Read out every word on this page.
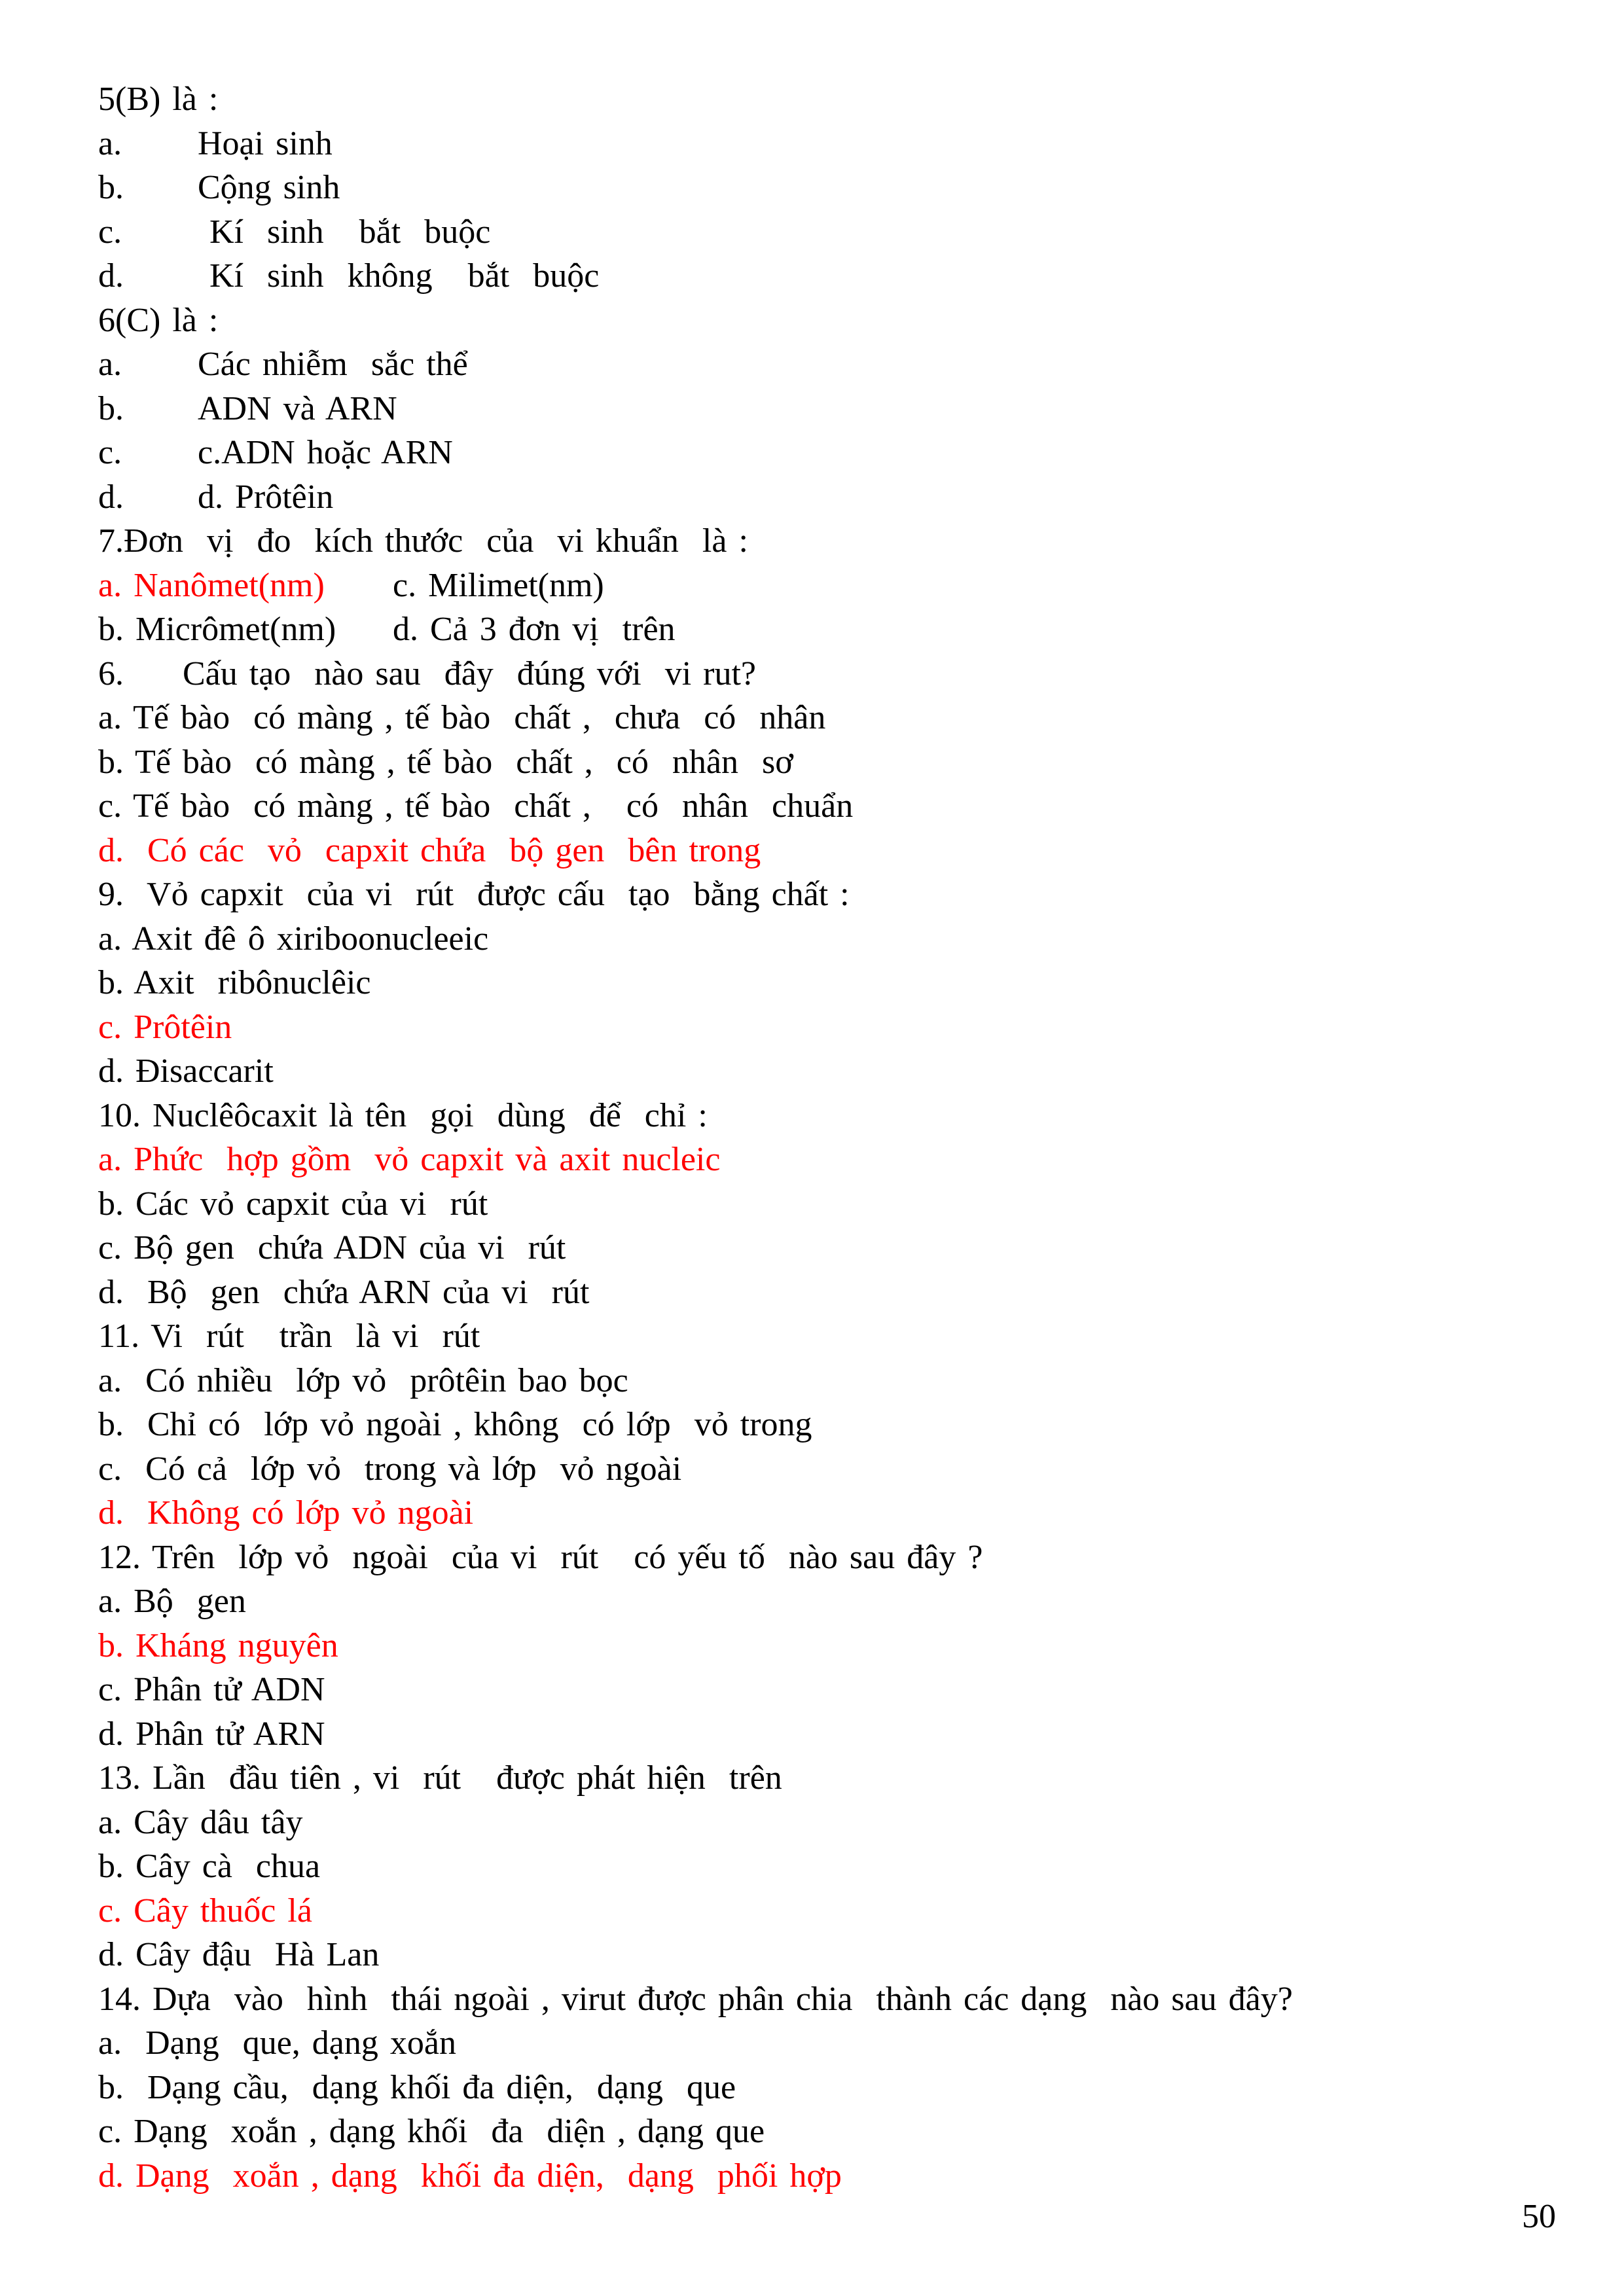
5(B) là :
a. Hoại sinh
b. Cộng sinh
c. Kí  sinh   bắt  buộc
d. Kí  sinh  không   bắt  buộc
6(C) là :
a. Các nhiễm  sắc thể
b. ADN và ARN
c. c.ADN hoặc ARN
d. d. Prôtêin
7.Đơn  vị  đo  kích thước  của  vi khuẩn  là :
a. Nanômet(nm) c. Milimet(nm)
b. Micrômet(nm) d. Cả 3 đơn vị  trên
6.     Cấu tạo  nào sau  đây  đúng với  vi rut?
a. Tế bào  có màng , tế bào  chất ,  chưa  có  nhân
b. Tế bào  có màng , tế bào  chất ,  có  nhân  sơ
c. Tế bào  có màng , tế bào  chất ,   có  nhân  chuẩn
d.  Có các  vỏ  capxit chứa  bộ gen  bên trong
9.  Vỏ capxit  của vi  rút  được cấu  tạo  bằng chất :
a. Axit đê ô xiriboonucleeic
b. Axit  ribônuclêic
c. Prôtêin
d. Đisaccarit
10. Nuclêôcaxit là tên  gọi  dùng  để  chỉ :
a. Phức  hợp gồm  vỏ capxit và axit nucleic
b. Các vỏ capxit của vi  rút
c. Bộ gen  chứa ADN của vi  rút
d.  Bộ  gen  chứa ARN của vi  rút
11. Vi  rút   trần  là vi  rút
a.  Có nhiều  lớp vỏ  prôtêin bao bọc
b.  Chỉ có  lớp vỏ ngoài , không  có lớp  vỏ trong
c.  Có cả  lớp vỏ  trong và lớp  vỏ ngoài
d.  Không có lớp vỏ ngoài
12. Trên  lớp vỏ  ngoài  của vi  rút   có yếu tố  nào sau đây ?
a. Bộ  gen
b. Kháng nguyên
c. Phân tử ADN
d. Phân tử ARN
13. Lần  đầu tiên , vi  rút   được phát hiện  trên
a. Cây dâu tây
b. Cây cà  chua
c. Cây thuốc lá
d. Cây đậu  Hà Lan
14. Dựa  vào  hình  thái ngoài , virut được phân chia  thành các dạng  nào sau đây?
a.  Dạng  que, dạng xoắn
b.  Dạng cầu,  dạng khối đa diện,  dạng  que
c. Dạng  xoắn , dạng khối  đa  diện , dạng que
d. Dạng  xoắn , dạng  khối đa diện,  dạng  phối hợp
50
